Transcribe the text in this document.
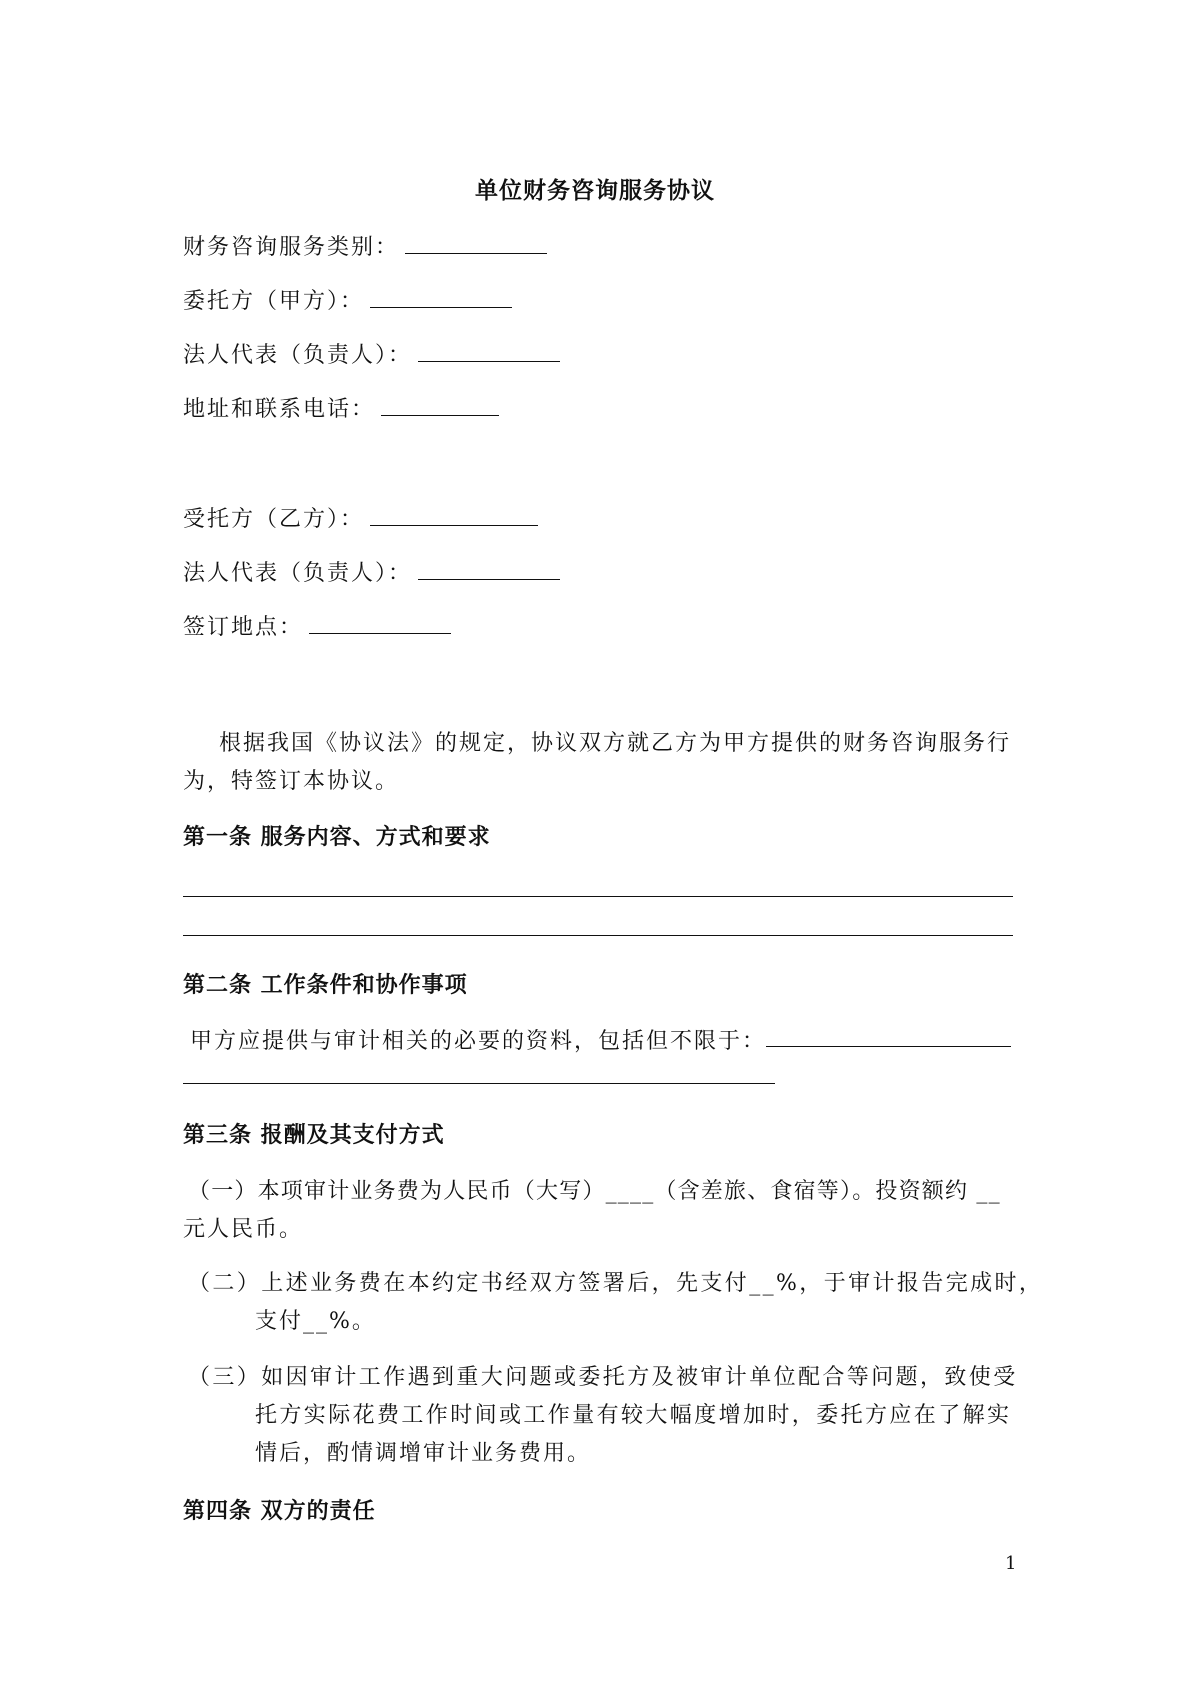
单位财务咨询服务协议
财务咨询服务类别：
委托方（甲方）：
法人代表（负责人）：
地址和联系电话：
受托方（乙方）：
法人代表（负责人）：
签订地点：
根据我国《协议法》的规定，协议双方就乙方为甲方提供的财务咨询服务行
为，特签订本协议。
第一条 服务内容、方式和要求
第二条 工作条件和协作事项
甲方应提供与审计相关的必要的资料，包括但不限于：
第三条 报酬及其支付方式
（一）本项审计业务费为人民币（大写）____（含差旅、食宿等）。投资额约 __
元人民币。
（二）上述业务费在本约定书经双方签署后，先支付__%，于审计报告完成时，
支付__%。
（三）如因审计工作遇到重大问题或委托方及被审计单位配合等问题，致使受
托方实际花费工作时间或工作量有较大幅度增加时，委托方应在了解实
情后，酌情调增审计业务费用。
第四条 双方的责任
1
